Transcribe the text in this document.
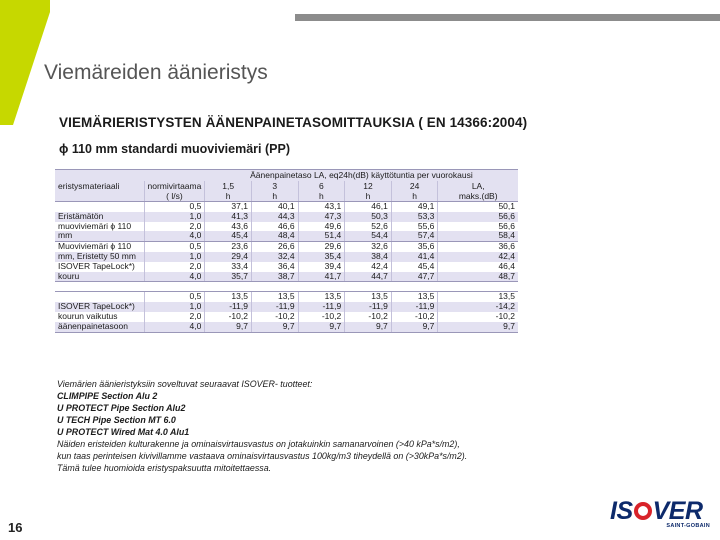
Viemäreiden äänieristys
VIEMÄRIERISTYSTEN ÄÄNENPAINETASOMITTAUKSIA ( EN 14366:2004)
ϕ 110 mm standardi muoviviemäri (PP)
		Äänenpainetaso LA, eq24h(dB) käyttötuntia per vuorokausi					
eristysmateriaali	normivirtaama	1,5	3	6	12	24	LA,
	( l/s)	h	h	h	h	h	maks.(dB)
	0,5	37,1	40,1	43,1	46,1	49,1	50,1
Eristämätön	1,0	41,3	44,3	47,3	50,3	53,3	56,6
muoviviemäri ϕ 110	2,0	43,6	46,6	49,6	52,6	55,6	56,6
mm	4,0	45,4	48,4	51,4	54,4	57,4	58,4
Muoviviemäri ϕ 110	0,5	23,6	26,6	29,6	32,6	35,6	36,6
mm, Eristetty 50 mm	1,0	29,4	32,4	35,4	38,4	41,4	42,4
ISOVER TapeLock*)	2,0	33,4	36,4	39,4	42,4	45,4	46,4
kouru	4,0	35,7	38,7	41,7	44,7	47,7	48,7

	0,5	13,5	13,5	13,5	13,5	13,5	13,5
ISOVER TapeLock*)	1,0	-11,9	-11,9	-11,9	-11,9	-11,9	-14,2
kourun vaikutus	2,0	-10,2	-10,2	-10,2	-10,2	-10,2	-10,2
äänenpainetasoon	4,0	9,7	9,7	9,7	9,7	9,7	9,7
Viemärien äänieristyksiin soveltuvat seuraavat ISOVER- tuotteet:
CLIMPIPE Section Alu 2
U PROTECT Pipe Section Alu2
U TECH Pipe Section MT 6.0
U PROTECT Wired Mat 4.0 Alu1
Näiden eristeiden kulturakenne ja ominaisvirtausvastus on jotakuinkin samanarvoinen (>40 kPa*s/m2),
kun taas perinteisen kivivillamme vastaava ominaisvirtausvastus 100kg/m3 tiheydellä on (>30kPa*s/m2).
Tämä tulee huomioida eristyspaksuutta mitoitettaessa.
16
IS VER
SAINT-GOBAIN
